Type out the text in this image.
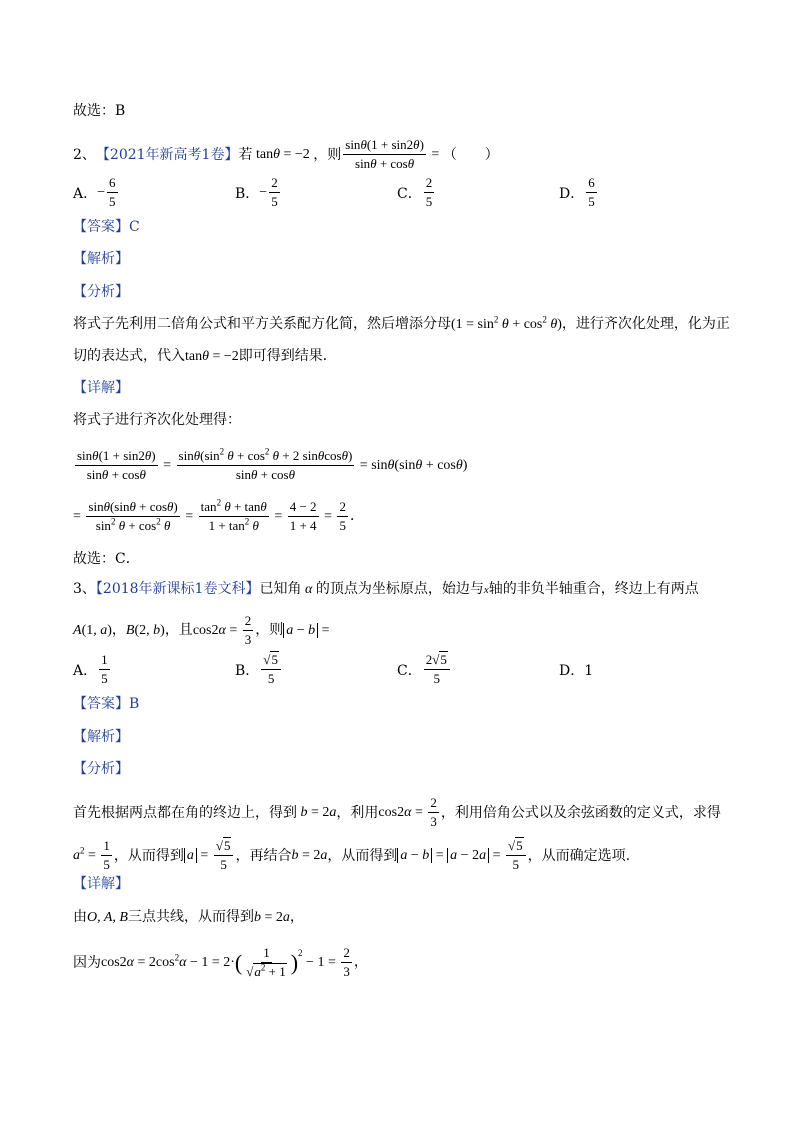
故选：B
2、 【2021年新高考1卷】 若 tanθ = −2 ，则 $\frac{\sin\theta(1 + \sin 2\theta)}{\sin\theta + \cos\theta}$ = （　　）
A． − $\frac{6}{5}$	B． − $\frac{2}{5}$	C． $\frac{2}{5}$	D． $\frac{6}{5}$
【答案】C
【解析】
【分析】
将式子先利用二倍角公式和平方关系配方化简，然后增添分母$(1 = \sin^2 \theta + \cos^2 \theta)$，进行齐次化处理，化为正
切的表达式，代入tanθ = −2即可得到结果．
【详解】
将式子进行齐次化处理得：
$\frac{\sin\theta(1 + \sin 2\theta)}{\sin\theta + \cos\theta} = \frac{\sin\theta(\sin^2 \theta + \cos^2 \theta + 2 \sin\theta\cos\theta)}{\sin\theta + \cos\theta} = \sin\theta(\sin\theta + \cos\theta)$
= $\frac{\sin\theta(\sin\theta + \cos\theta)}{\sin^2 \theta + \cos^2 \theta} = \frac{\tan^2 \theta + \tan\theta}{1 + \tan^2 \theta} = \frac{4 - 2}{1 + 4} = \frac{2}{5}$ ．
故选：C．
3、【2018年新课标1卷文科】已知角 α 的顶点为坐标原点，始边与x轴的非负半轴重合，终边上有两点
A(1, a) ， B(2, b) ，且 $\cos 2\alpha = \frac{2}{3}$ ，则 a − b =
A． $\frac{1}{5}$	B． $\frac{√5}{5}$	C． $\frac{2√5}{5}$	D．1
【答案】B
【解析】
【分析】
首先根据两点都在角的终边上，得到 b = 2a ，利用 $\cos 2\alpha = \frac{2}{3}$ ，利用倍角公式以及余弦函数的定义式，求得
$a^2 = \frac{1}{5}$ ，从而得到 $a = \frac{√5}{5}$ ，再结合 b = 2a ，从而得到 $a - b = a - 2a = \frac{√5}{5}$ ，从而确定选项.
【详解】
由O, A, B三点共线，从而得到b = 2a，
因为 $\cos 2\alpha = 2\cos^2\alpha - 1 = 2\cdot$ ( $\frac{1}{√a^2 + 1} )^2$
− $1 = \frac{2}{3}$ ，
